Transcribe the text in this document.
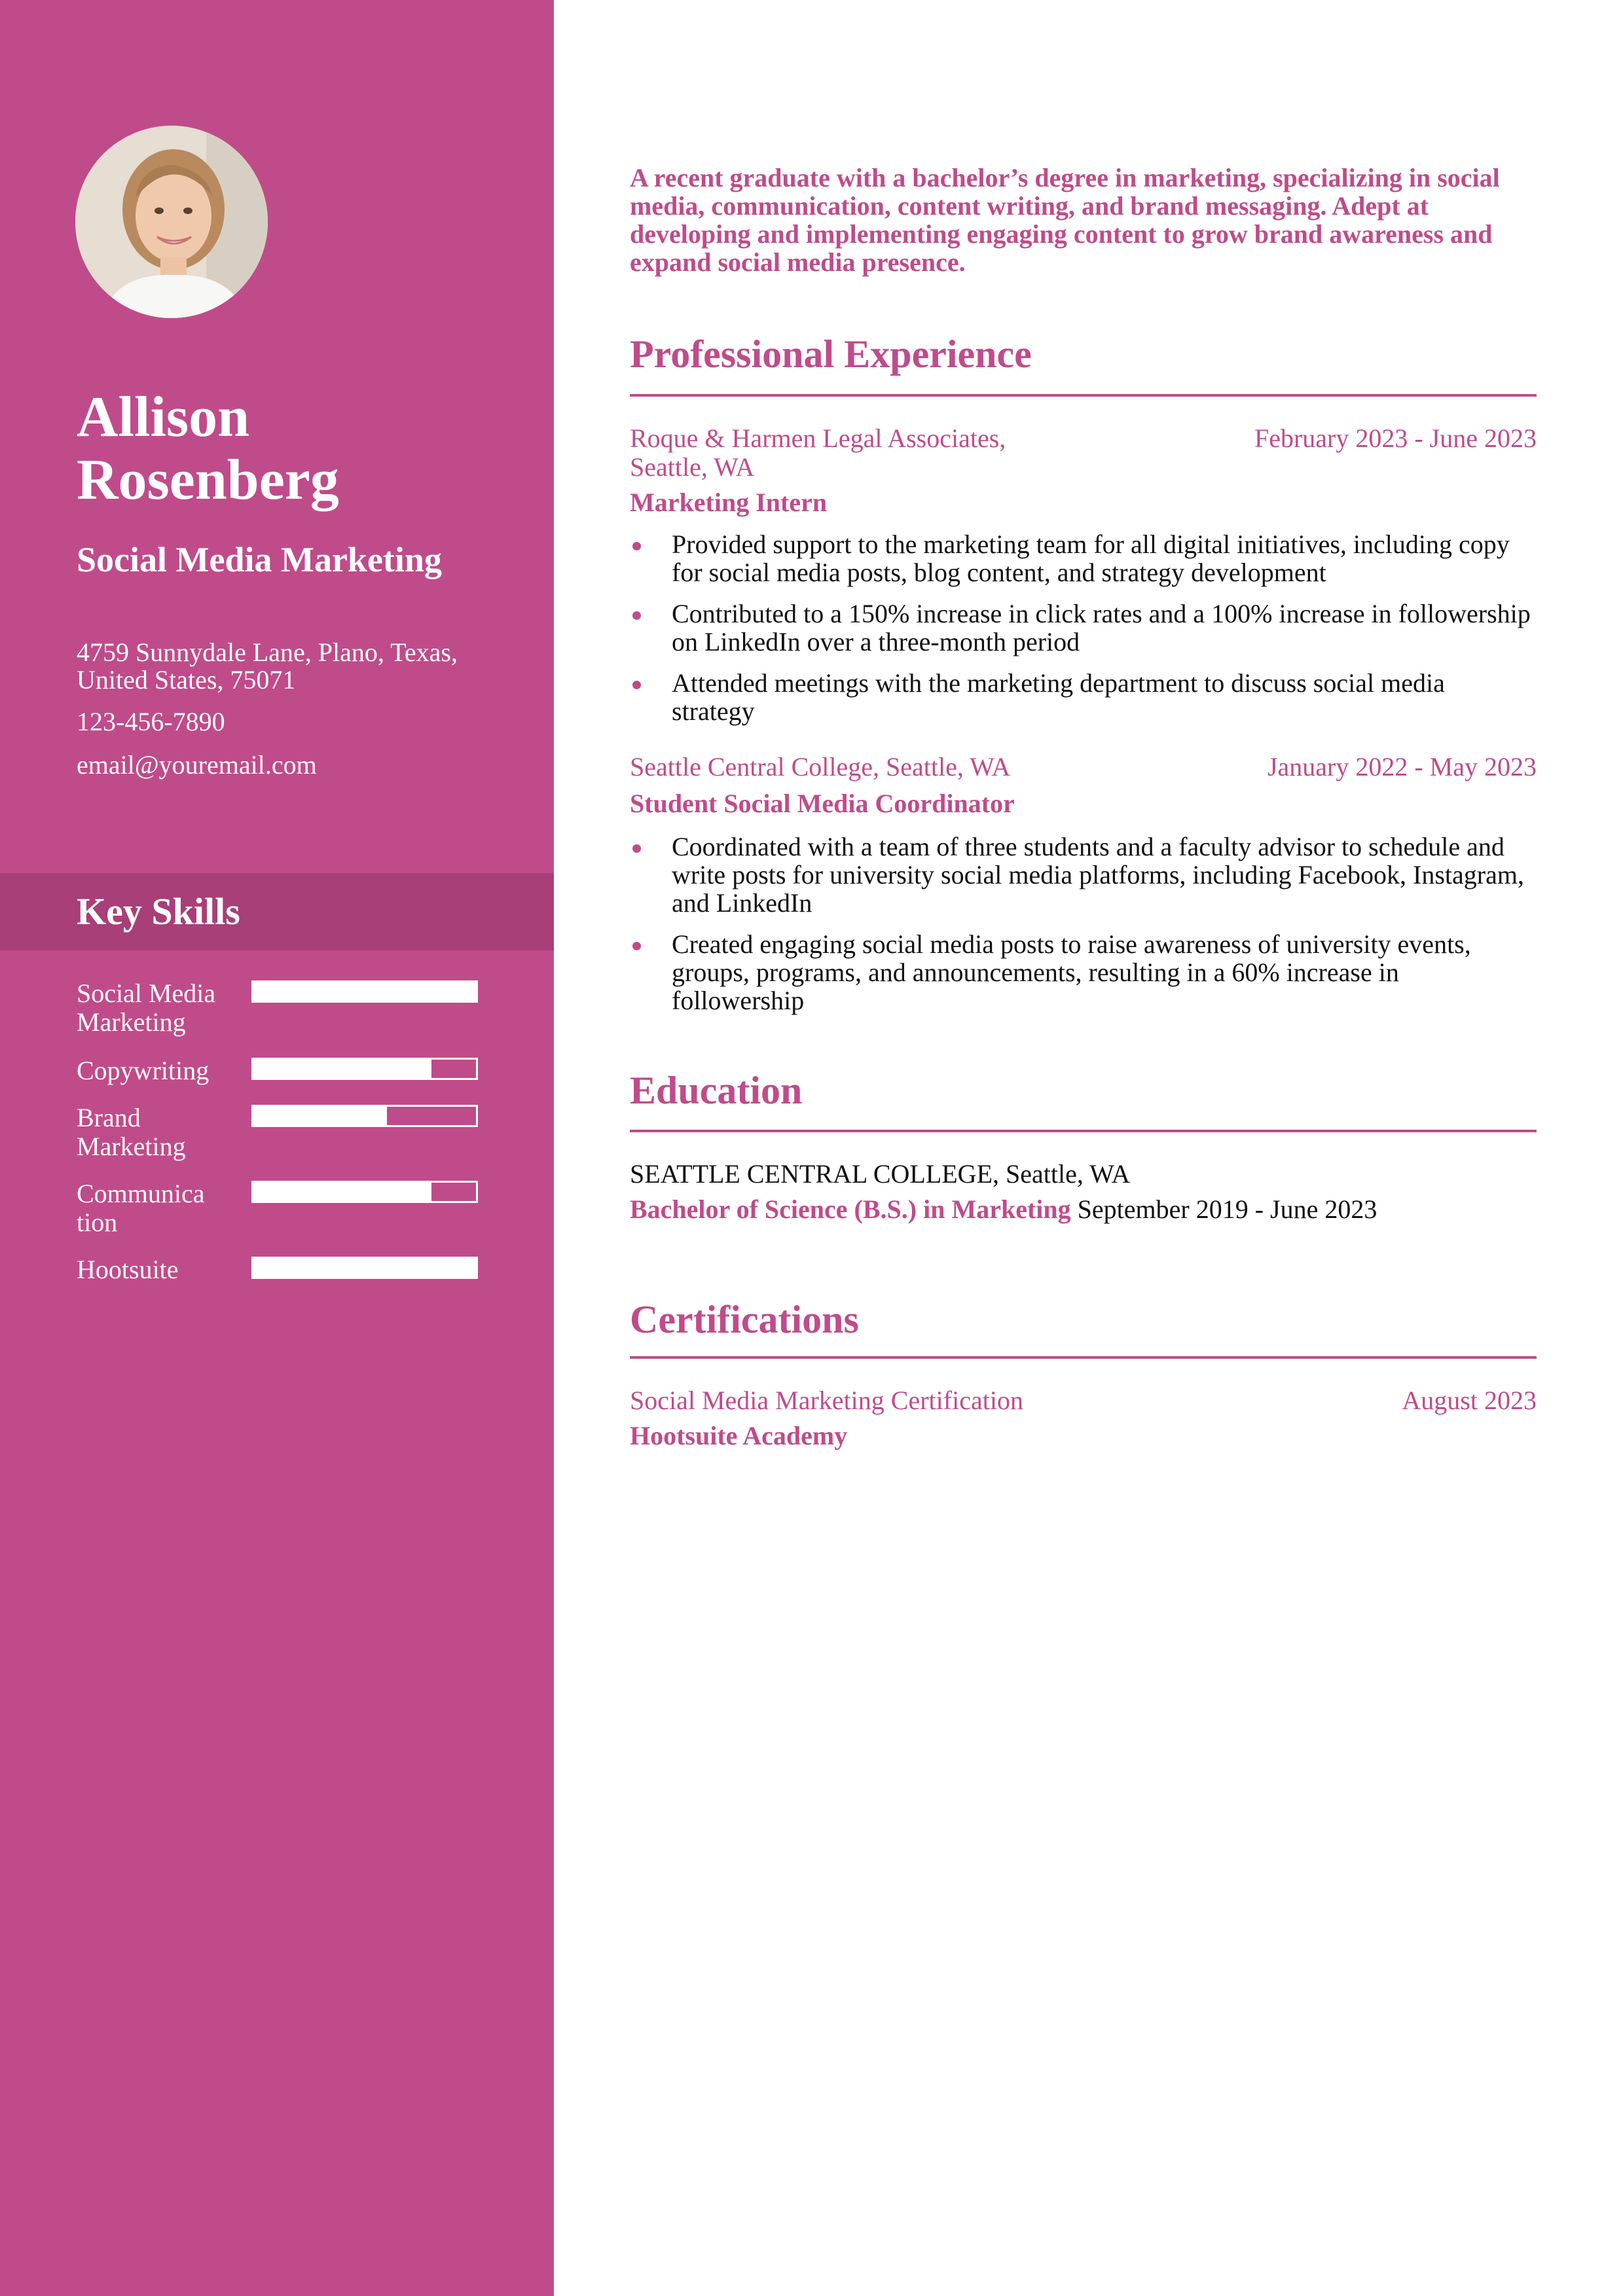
Allison
Rosenberg
Social Media Marketing
4759 Sunnydale Lane, Plano, Texas,
United States, 75071
123-456-7890
email@youremail.com
Key Skills
Social Media
Marketing
Copywriting
Brand
Marketing
Communica
tion
Hootsuite
A recent graduate with a bachelor’s degree in marketing, specializing in social
media, communication, content writing, and brand messaging. Adept at
developing and implementing engaging content to grow brand awareness and
expand social media presence.
Professional Experience
Roque & Harmen Legal Associates,
Seattle, WA
February 2023 - June 2023
Marketing Intern
Provided support to the marketing team for all digital initiatives, including copy
for social media posts, blog content, and strategy development
Contributed to a 150% increase in click rates and a 100% increase in followership
on LinkedIn over a three-month period
Attended meetings with the marketing department to discuss social media
strategy
Seattle Central College, Seattle, WA	January 2022 - May 2023
Student Social Media Coordinator
Coordinated with a team of three students and a faculty advisor to schedule and
write posts for university social media platforms, including Facebook, Instagram,
and LinkedIn
Created engaging social media posts to raise awareness of university events,
groups, programs, and announcements, resulting in a 60% increase in
followership
Education
SEATTLE CENTRAL COLLEGE, Seattle, WA
Bachelor of Science (B.S.) in Marketing September 2019 - June 2023
Certifications
Social Media Marketing Certification	August 2023
Hootsuite Academy
